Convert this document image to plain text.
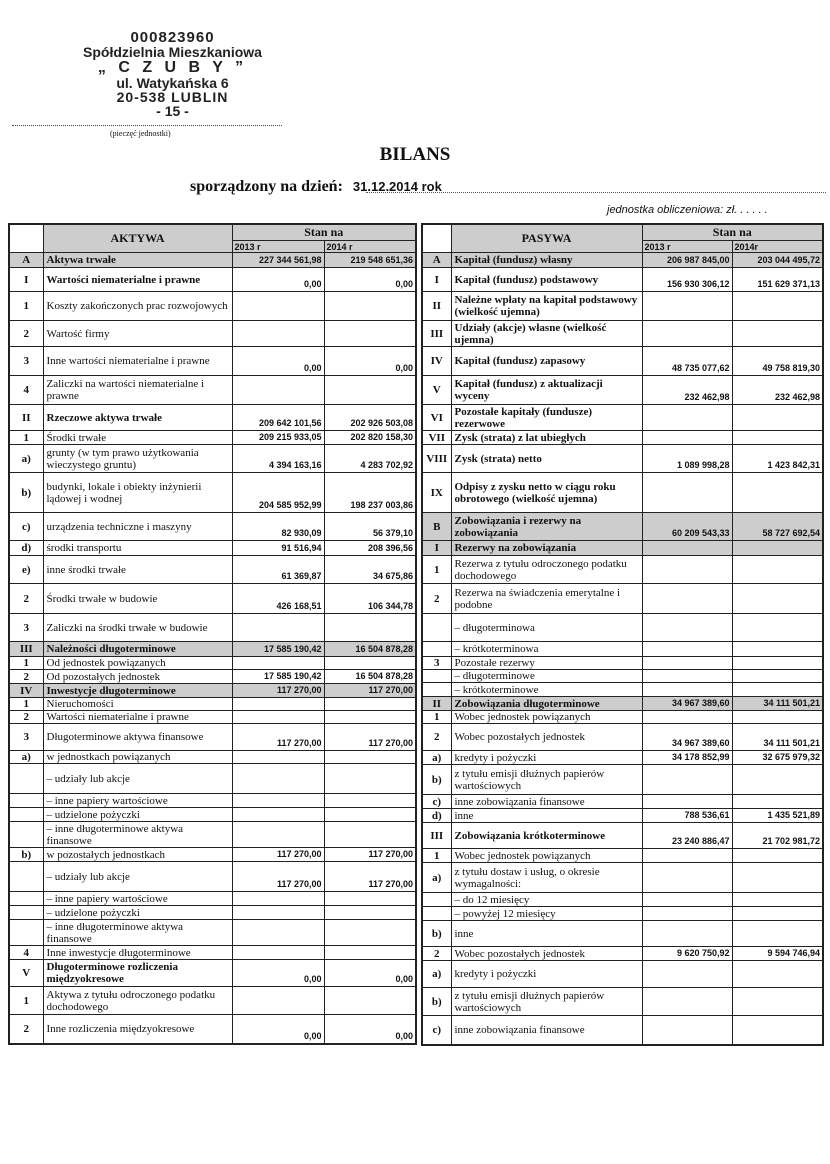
000823960
Spółdzielnia Mieszkaniowa
„ C Z U B Y ”
ul. Watykańska 6
20-538 LUBLIN
- 15 -
(pieczęć jednostki)
BILANS
sporządzony na dzień: 31.12.2014 rok
jednostka obliczeniowa: zł. . . . . .
	AKTYWA	Stan na	
		2013 r	2014 r
A	Aktywa trwałe	227 344 561,98	219 548 651,36
I	Wartości niematerialne i prawne	0,00	0,00
1	Koszty zakończonych prac rozwojowych		
2	Wartość firmy		
3	Inne wartości niematerialne i prawne	0,00	0,00
4	Zaliczki na wartości niematerialne i prawne		
II	Rzeczowe aktywa trwałe	209 642 101,56	202 926 503,08
1	Środki trwałe	209 215 933,05	202 820 158,30
a)	grunty (w tym prawo użytkowania wieczystego gruntu)	4 394 163,16	4 283 702,92
b)	budynki, lokale i obiekty inżynierii lądowej i wodnej	204 585 952,99	198 237 003,86
c)	urządzenia techniczne i maszyny	82 930,09	56 379,10
d)	środki transportu	91 516,94	208 396,56
e)	inne środki trwałe	61 369,87	34 675,86
2	Środki trwałe w budowie	426 168,51	106 344,78
3	Zaliczki na środki trwałe w budowie		
III	Należności długoterminowe	17 585 190,42	16 504 878,28
1	Od jednostek powiązanych		
2	Od pozostałych jednostek	17 585 190,42	16 504 878,28
IV	Inwestycje długoterminowe	117 270,00	117 270,00
1	Nieruchomości		
2	Wartości niematerialne i prawne		
3	Długoterminowe aktywa finansowe	117 270,00	117 270,00
a)	w jednostkach powiązanych		
	– udziały lub akcje		
	– inne papiery wartościowe		
	– udzielone pożyczki		
	– inne długoterminowe aktywa finansowe		
b)	w pozostałych jednostkach	117 270,00	117 270,00
	– udziały lub akcje	117 270,00	117 270,00
	– inne papiery wartościowe		
	– udzielone pożyczki		
	– inne długoterminowe aktywa finansowe		
4	Inne inwestycje długoterminowe		
V	Długoterminowe rozliczenia międzyokresowe	0,00	0,00
1	Aktywa z tytułu odroczonego podatku dochodowego		
2	Inne rozliczenia międzyokresowe	0,00	0,00
	PASYWA	Stan na	
		2013 r	2014r
A	Kapitał (fundusz) własny	206 987 845,00	203 044 495,72
I	Kapitał (fundusz) podstawowy	156 930 306,12	151 629 371,13
II	Należne wpłaty na kapitał podstawowy (wielkość ujemna)		
III	Udziały (akcje) własne (wielkość ujemna)		
IV	Kapitał (fundusz) zapasowy	48 735 077,62	49 758 819,30
V	Kapitał (fundusz) z aktualizacji wyceny	232 462,98	232 462,98
VI	Pozostałe kapitały (fundusze) rezerwowe		
VII	Zysk (strata) z lat ubiegłych		
VIII	Zysk (strata) netto	1 089 998,28	1 423 842,31
IX	Odpisy z zysku netto w ciągu roku obrotowego (wielkość ujemna)		
B	Zobowiązania i rezerwy na zobowiązania	60 209 543,33	58 727 692,54
I	Rezerwy na zobowiązania		
1	Rezerwa z tytułu odroczonego podatku dochodowego		
2	Rezerwa na świadczenia emerytalne i podobne		
	– długoterminowa		
	– krótkoterminowa		
3	Pozostałe rezerwy		
	– długoterminowe		
	– krótkoterminowe		
II	Zobowiązania długoterminowe	34 967 389,60	34 111 501,21
1	Wobec jednostek powiązanych		
2	Wobec pozostałych jednostek	34 967 389,60	34 111 501,21
a)	kredyty i pożyczki	34 178 852,99	32 675 979,32
b)	z tytułu emisji dłużnych papierów wartościowych		
c)	inne zobowiązania finansowe		
d)	inne	788 536,61	1 435 521,89
III	Zobowiązania krótkoterminowe	23 240 886,47	21 702 981,72
1	Wobec jednostek powiązanych		
a)	z tytułu dostaw i usług, o okresie wymagalności:		
	– do 12 miesięcy		
	– powyżej 12 miesięcy		
b)	inne		
2	Wobec pozostałych jednostek	9 620 750,92	9 594 746,94
a)	kredyty i pożyczki		
b)	z tytułu emisji dłużnych papierów wartościowych		
c)	inne zobowiązania finansowe		
